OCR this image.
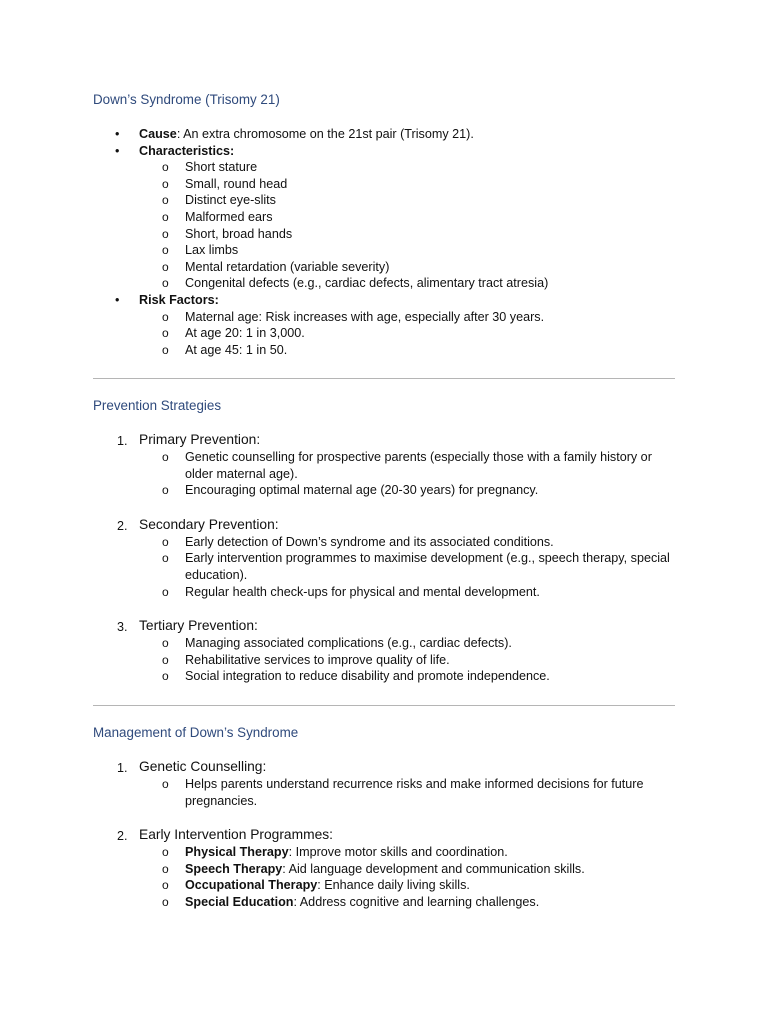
Down’s Syndrome (Trisomy 21)
• Cause: An extra chromosome on the 21st pair (Trisomy 21).
• Characteristics:
o Short stature
o Small, round head
o Distinct eye-slits
o Malformed ears
o Short, broad hands
o Lax limbs
o Mental retardation (variable severity)
o Congenital defects (e.g., cardiac defects, alimentary tract atresia)
• Risk Factors:
o Maternal age: Risk increases with age, especially after 30 years.
o At age 20: 1 in 3,000.
o At age 45: 1 in 50.
Prevention Strategies
1. Primary Prevention:
o Genetic counselling for prospective parents (especially those with a family history or older maternal age).
o Encouraging optimal maternal age (20-30 years) for pregnancy.
2. Secondary Prevention:
o Early detection of Down’s syndrome and its associated conditions.
o Early intervention programmes to maximise development (e.g., speech therapy, special education).
o Regular health check-ups for physical and mental development.
3. Tertiary Prevention:
o Managing associated complications (e.g., cardiac defects).
o Rehabilitative services to improve quality of life.
o Social integration to reduce disability and promote independence.
Management of Down’s Syndrome
1. Genetic Counselling:
o Helps parents understand recurrence risks and make informed decisions for future pregnancies.
2. Early Intervention Programmes:
o Physical Therapy: Improve motor skills and coordination.
o Speech Therapy: Aid language development and communication skills.
o Occupational Therapy: Enhance daily living skills.
o Special Education: Address cognitive and learning challenges.
